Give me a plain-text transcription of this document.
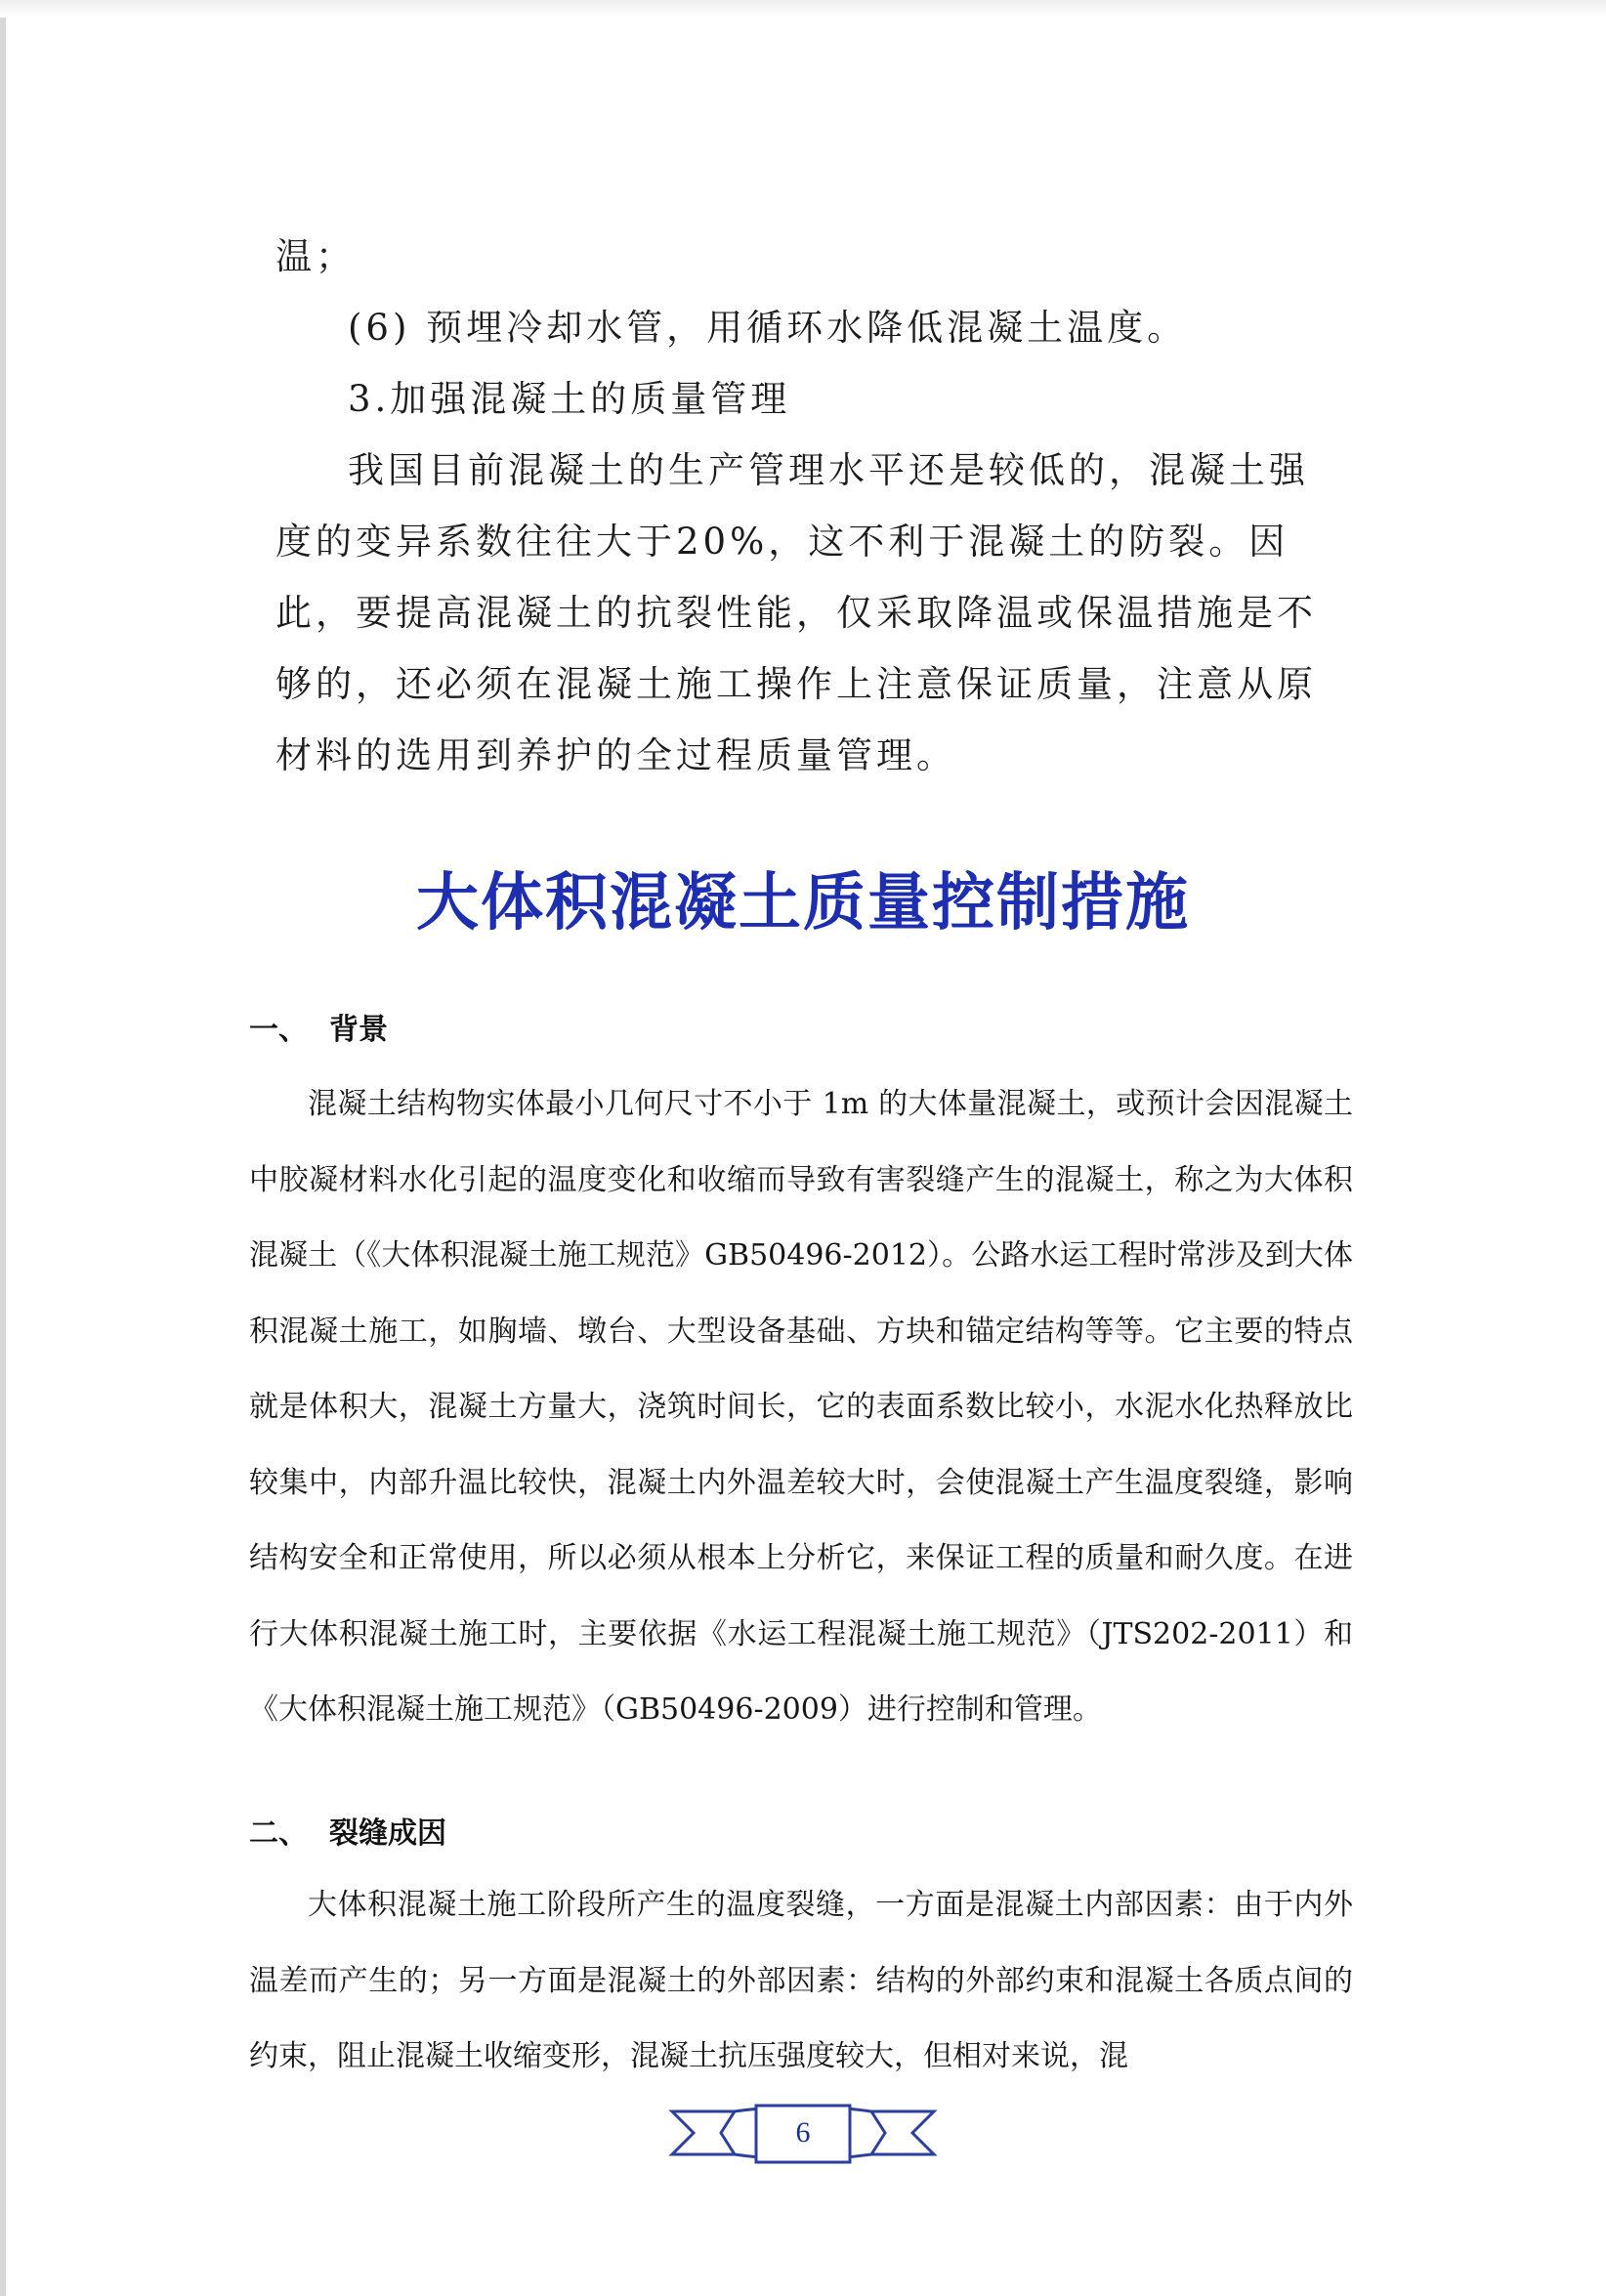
温；

(6) 预埋冷却水管，用循环水降低混凝土温度。

3.加强混凝土的质量管理

我国目前混凝土的生产管理水平还是较低的，混凝土强度的变异系数往往大于20%，这不利于混凝土的防裂。因此，要提高混凝土的抗裂性能，仅采取降温或保温措施是不够的，还必须在混凝土施工操作上注意保证质量，注意从原材料的选用到养护的全过程质量管理。

大体积混凝土质量控制措施
一、 背景
混凝土结构物实体最小几何尺寸不小于 1m 的大体量混凝土，或预计会因混凝土中胶凝材料水化引起的温度变化和收缩而导致有害裂缝产生的混凝土，称之为大体积混凝土（《大体积混凝土施工规范》GB50496-2012）。公路水运工程时常涉及到大体积混凝土施工，如胸墙、墩台、大型设备基础、方块和锚定结构等等。它主要的特点就是体积大，混凝土方量大，浇筑时间长，它的表面系数比较小，水泥水化热释放比较集中，内部升温比较快，混凝土内外温差较大时，会使混凝土产生温度裂缝，影响结构安全和正常使用，所以必须从根本上分析它，来保证工程的质量和耐久度。在进行大体积混凝土施工时，主要依据《水运工程混凝土施工规范》（JTS202-2011）和《大体积混凝土施工规范》（GB50496-2009）进行控制和管理。
二、 裂缝成因
大体积混凝土施工阶段所产生的温度裂缝，一方面是混凝土内部因素：由于内外温差而产生的；另一方面是混凝土的外部因素：结构的外部约束和混凝土各质点间的约束，阻止混凝土收缩变形，混凝土抗压强度较大，但相对来说，混
6
